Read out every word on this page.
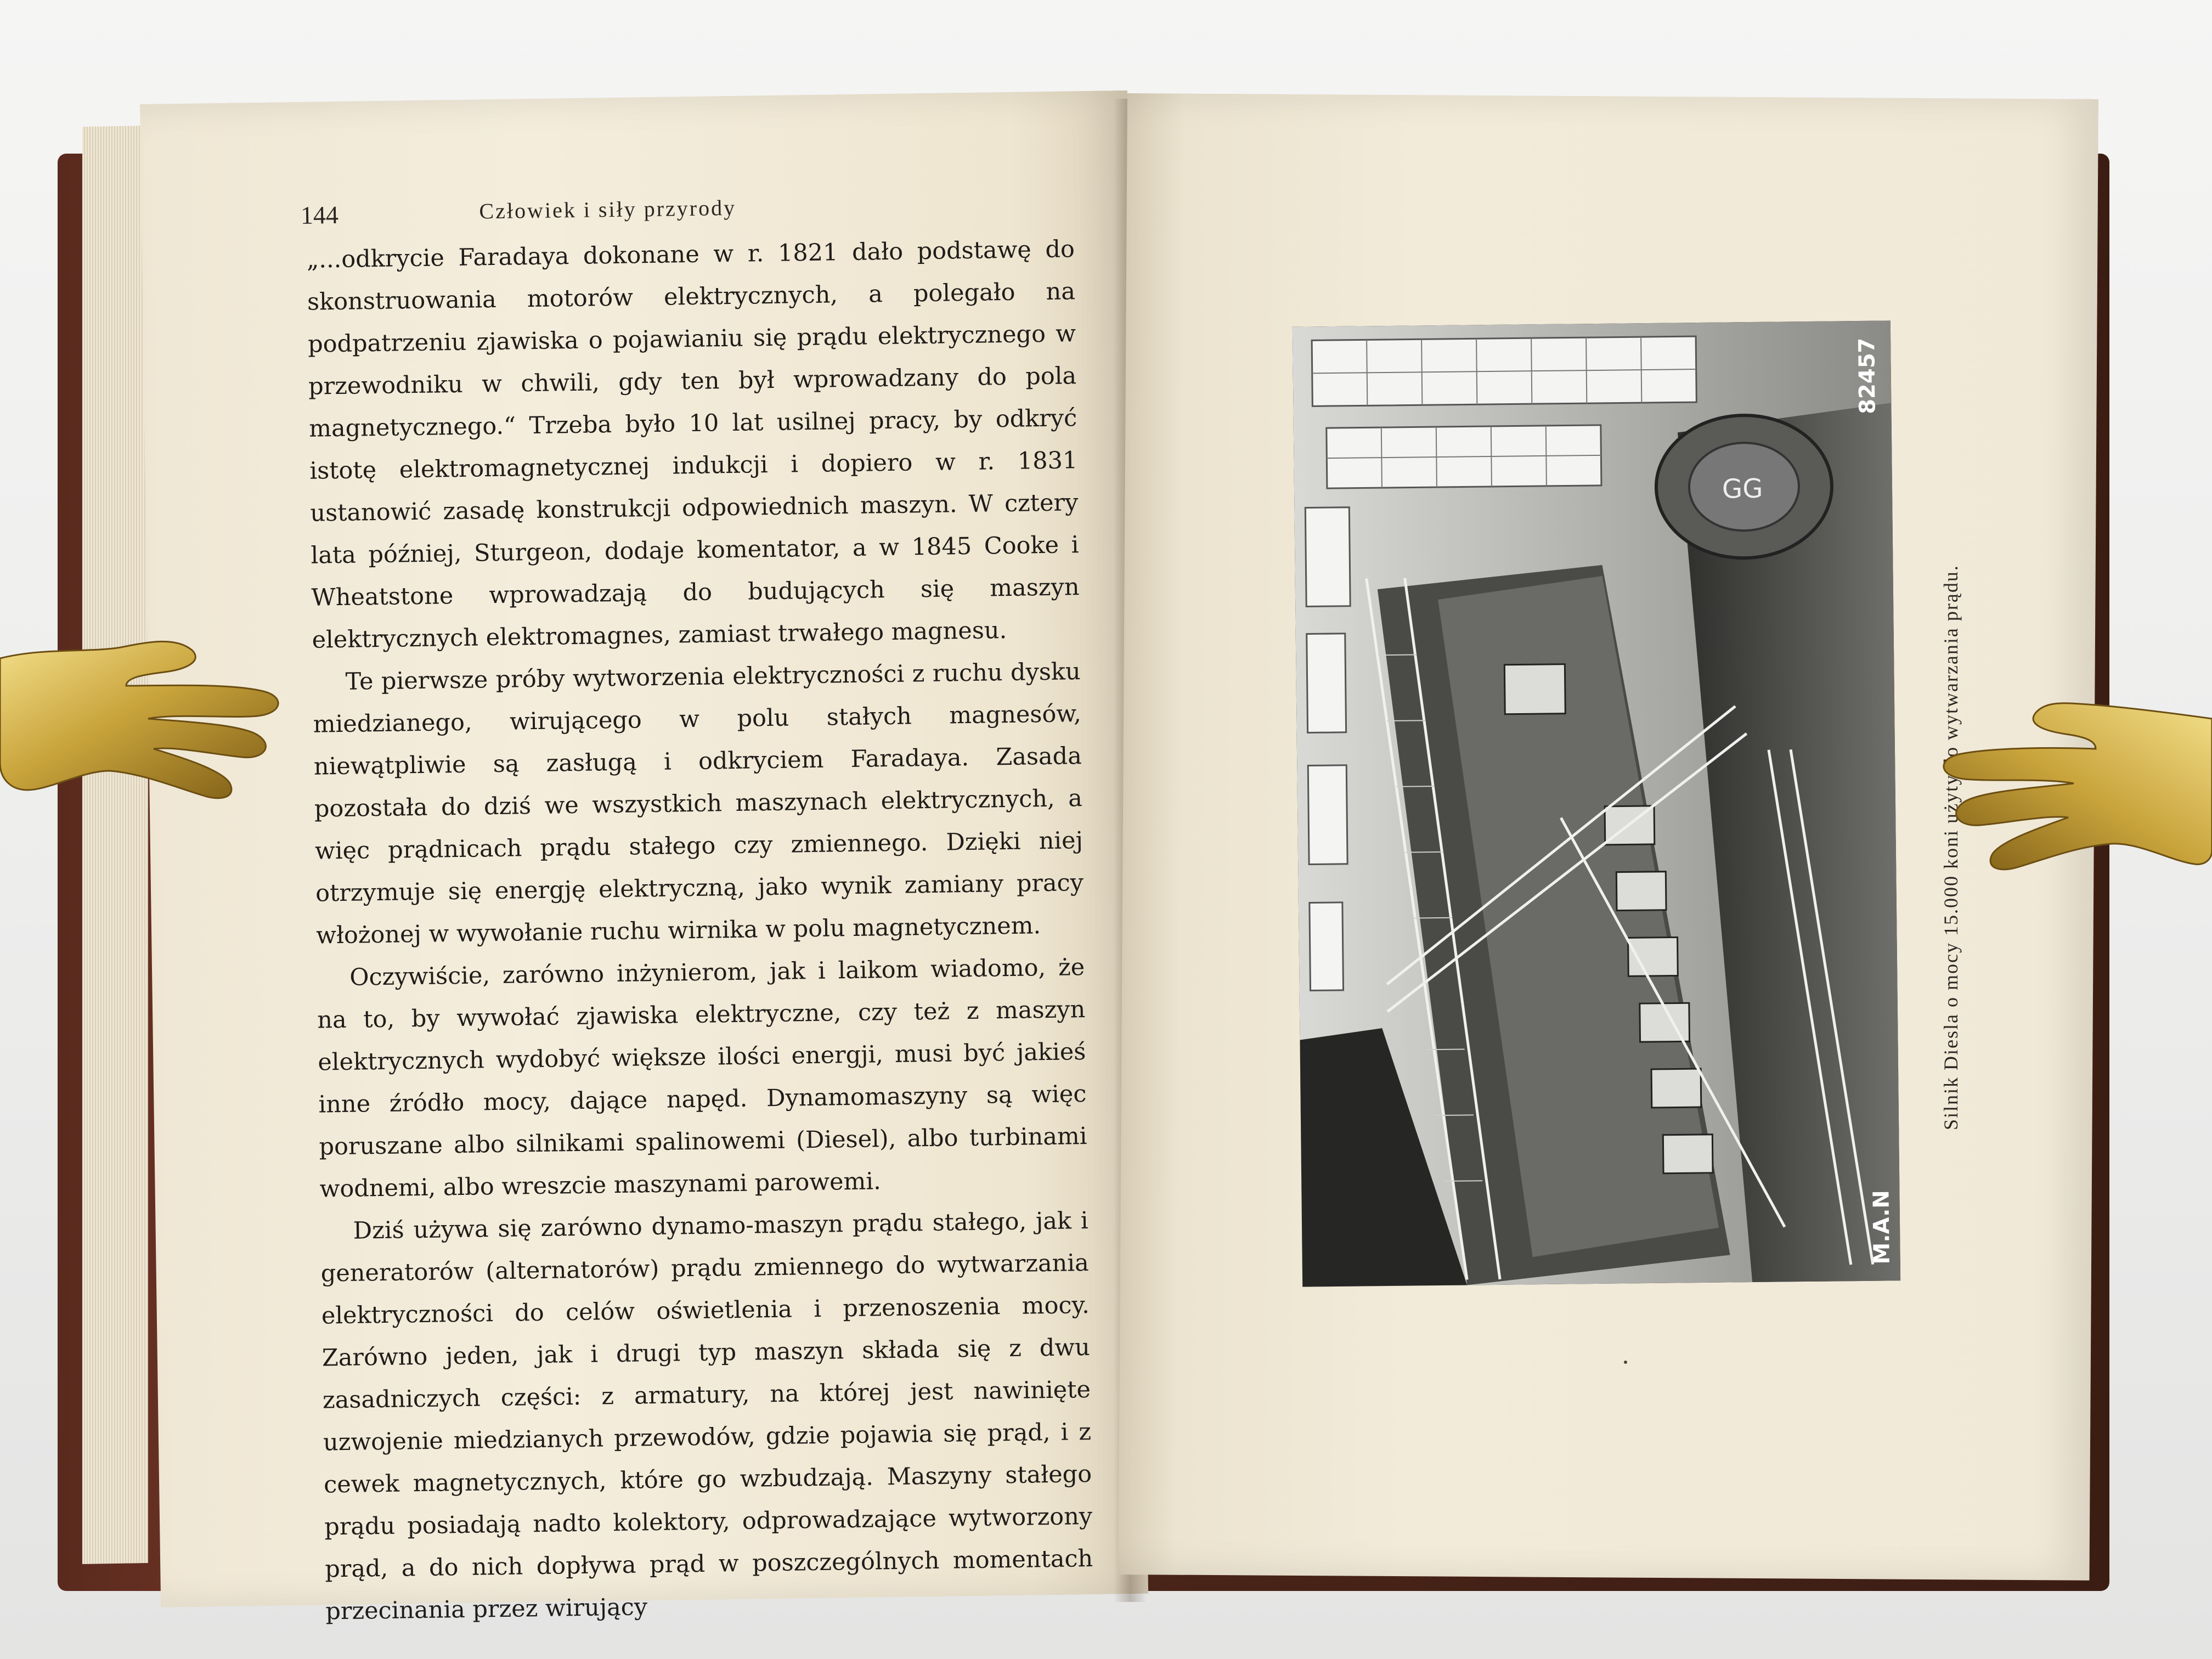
144	Człowiek i siły przyrody

„...odkrycie Faradaya dokonane w r. 1821 dało podstawę do skonstruowania motorów elektrycznych, a polegało na podpatrzeniu zjawiska o pojawianiu się prądu elektrycznego w przewodniku w chwili, gdy ten był wprowadzany do pola magnetycznego.“ Trzeba było 10 lat usilnej pracy, by odkryć istotę elektromagnetycznej indukcji i dopiero w r. 1831 ustanowić zasadę konstrukcji odpowiednich maszyn. W cztery lata później, Sturgeon, dodaje komentator, a w 1845 Cooke i Wheatstone wprowadzają do budujących się maszyn elektrycznych elektromagnes, zamiast trwałego magnesu.

Te pierwsze próby wytworzenia elektryczności z ruchu dysku miedzianego, wirującego w polu stałych magnesów, niewątpliwie są zasługą i odkryciem Faradaya. Zasada pozostała do dziś we wszystkich maszynach elektrycznych, a więc prądnicach prądu stałego czy zmiennego. Dzięki niej otrzymuje się energję elektryczną, jako wynik zamiany pracy włożonej w wywołanie ruchu wirnika w polu magnetycznem.

Oczywiście, zarówno inżynierom, jak i laikom wiadomo, że na to, by wywołać zjawiska elektryczne, czy też z maszyn elektrycznych wydobyć większe ilości energji, musi być jakieś inne źródło mocy, dające napęd. Dynamomaszyny są więc poruszane albo silnikami spalinowemi (Diesel), albo turbinami wodnemi, albo wreszcie maszynami parowemi.

Dziś używa się zarówno dynamo-maszyn prądu stałego, jak i generatorów (alternatorów) prądu zmiennego do wytwarzania elektryczności do celów oświetlenia i przenoszenia mocy. Zarówno jeden, jak i drugi typ maszyn składa się z dwu zasadniczych części: z armatury, na której jest nawinięte uzwojenie miedzianych przewodów, gdzie pojawia się prąd, i z cewek magnetycznych, które go wzbudzają. Maszyny stałego prądu posiadają nadto kolektory, odprowadzające wytworzony prąd, a do nich dopływa prąd w poszczególnych momentach przecinania przez wirujący

GG
82457
M.A.N
Silnik Diesla o mocy 15.000 koni użyty do wytwarzania prądu.
